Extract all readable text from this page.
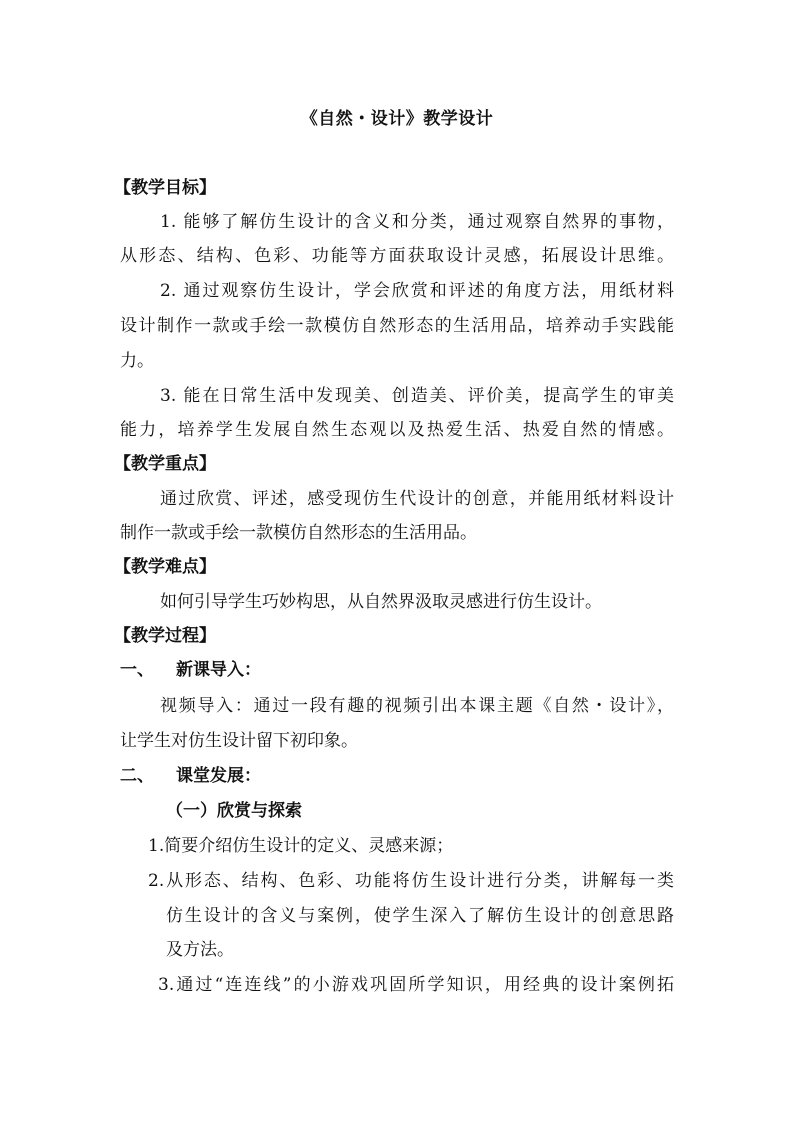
《自然・设计》教学设计
【教学目标】
1. 能够了解仿生设计的含义和分类，通过观察自然界的事物，
从形态、结构、色彩、功能等方面获取设计灵感，拓展设计思维。
2. 通过观察仿生设计，学会欣赏和评述的角度方法，用纸材料
设计制作一款或手绘一款模仿自然形态的生活用品，培养动手实践能
力。
3. 能在日常生活中发现美、创造美、评价美，提高学生的审美
能力，培养学生发展自然生态观以及热爱生活、热爱自然的情感。
【教学重点】
通过欣赏、评述，感受现仿生代设计的创意，并能用纸材料设计
制作一款或手绘一款模仿自然形态的生活用品。
【教学难点】
如何引导学生巧妙构思，从自然界汲取灵感进行仿生设计。
【教学过程】
一、 新课导入：
视频导入：通过一段有趣的视频引出本课主题《自然・设计》，
让学生对仿生设计留下初印象。
二、 课堂发展：
（一）欣赏与探索
1.简要介绍仿生设计的定义、灵感来源；
2.从形态、结构、色彩、功能将仿生设计进行分类，讲解每一类
仿生设计的含义与案例，使学生深入了解仿生设计的创意思路
及方法。
3.通过“连连线”的小游戏巩固所学知识，用经典的设计案例拓
